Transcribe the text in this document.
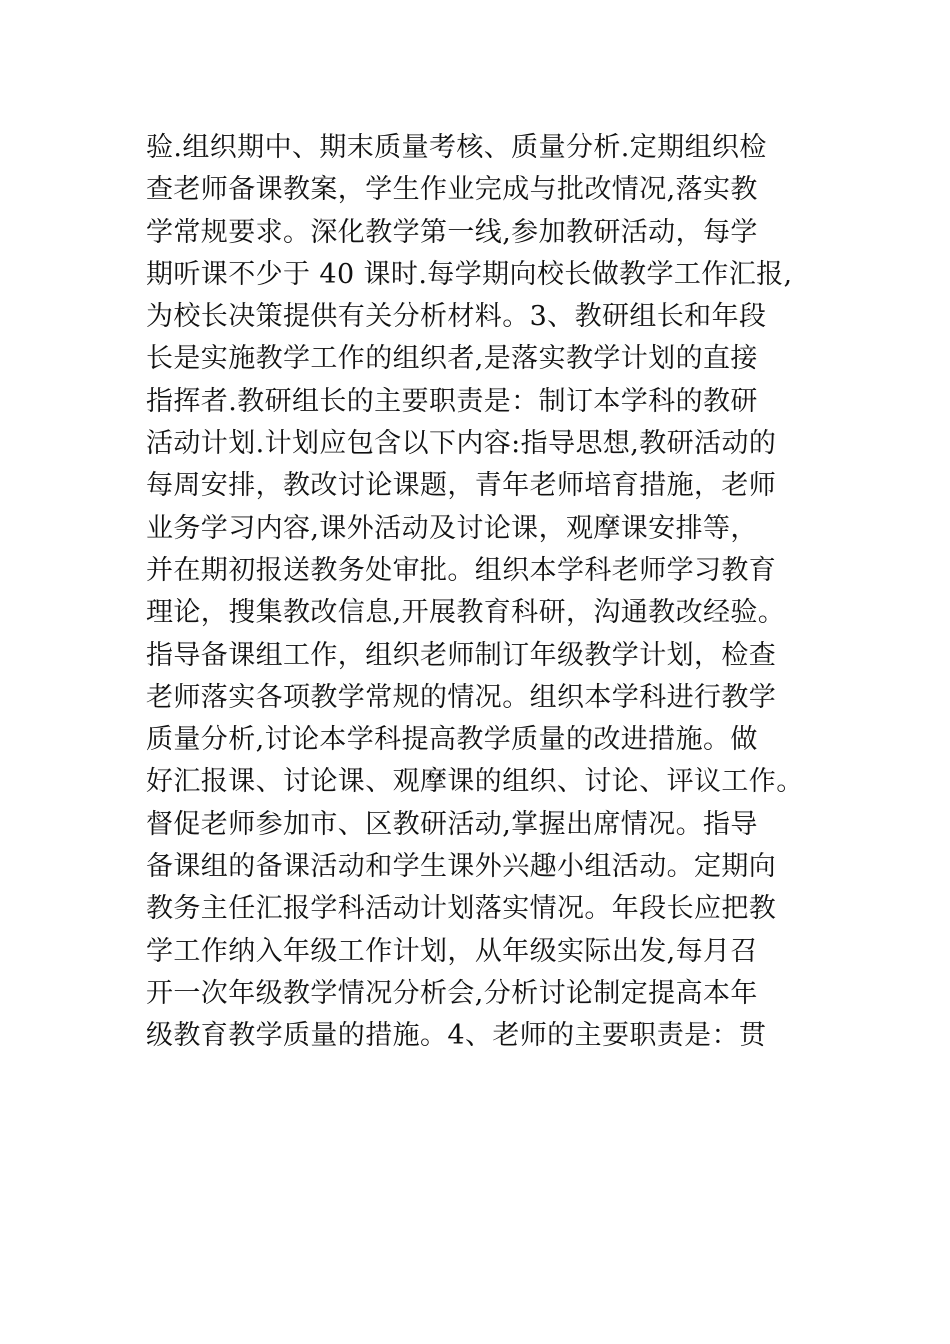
验.组织期中、期末质量考核、质量分析.定期组织检
查老师备课教案，学生作业完成与批改情况,落实教
学常规要求。深化教学第一线,参加教研活动，每学
期听课不少于 40 课时.每学期向校长做教学工作汇报,
为校长决策提供有关分析材料。3、教研组长和年段
长是实施教学工作的组织者,是落实教学计划的直接
指挥者.教研组长的主要职责是：制订本学科的教研
活动计划.计划应包含以下内容:指导思想,教研活动的
每周安排，教改讨论课题，青年老师培育措施，老师
业务学习内容,课外活动及讨论课，观摩课安排等，
并在期初报送教务处审批。组织本学科老师学习教育
理论，搜集教改信息,开展教育科研，沟通教改经验。
指导备课组工作，组织老师制订年级教学计划，检查
老师落实各项教学常规的情况。组织本学科进行教学
质量分析,讨论本学科提高教学质量的改进措施。做
好汇报课、讨论课、观摩课的组织、讨论、评议工作。
督促老师参加市、区教研活动,掌握出席情况。指导
备课组的备课活动和学生课外兴趣小组活动。定期向
教务主任汇报学科活动计划落实情况。年段长应把教
学工作纳入年级工作计划，从年级实际出发,每月召
开一次年级教学情况分析会,分析讨论制定提高本年
级教育教学质量的措施。4、老师的主要职责是：贯
